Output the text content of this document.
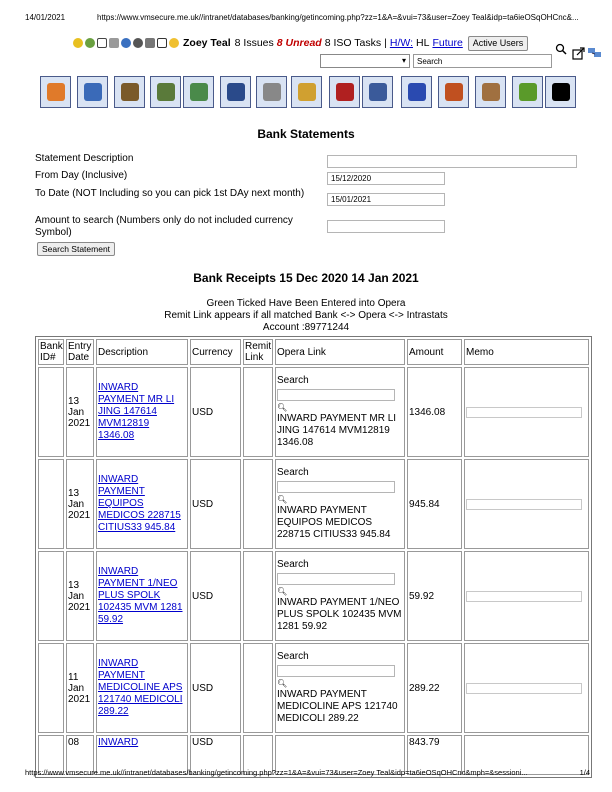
14/01/2021	https://www.vmsecure.me.uk//intranet/databases/banking/getincoming.php?zz=1&A=&vui=73&user=Zoey Teal&idp=ta6ieOSqOHCnc&...
Zoey Teal 8 Issues 8 Unread 8 ISO Tasks | H/W: HL Future	Active Users
▾	Search
Bank Statements
Statement Description
From Day (Inclusive)	15/12/2020
To Date (NOT Including so you can pick 1st DAy next month)
15/01/2021
Amount to search (Numbers only do not included currency Symbol)
Search Statement
Bank Receipts 15 Dec 2020 14 Jan 2021
Green Ticked Have Been Entered into Opera
Remit Link appears if all matched Bank <-> Opera <-> Intrastats
Account :89771244
Bank ID#	Entry Date	Description	Currency	Remit Link	Opera Link	Amount	Memo
	13 Jan 2021	INWARD PAYMENT MR LI JING 147614 MVM12819 1346.08	USD		Search
🔍︎
INWARD PAYMENT MR LI JING 147614 MVM12819 1346.08	1346.08	

	13 Jan 2021	INWARD PAYMENT EQUIPOS MEDICOS 228715 CITIUS33 945.84	USD		Search
🔍︎
INWARD PAYMENT EQUIPOS MEDICOS 228715 CITIUS33 945.84	945.84	

	13 Jan 2021	INWARD PAYMENT 1/NEO PLUS SPOLK 102435 MVM 1281 59.92	USD		Search
🔍︎
INWARD PAYMENT 1/NEO PLUS SPOLK 102435 MVM 1281 59.92	59.92	

	11 Jan 2021	INWARD PAYMENT MEDICOLINE APS 121740 MEDICOLI 289.22	USD		Search
🔍︎
INWARD PAYMENT MEDICOLINE APS 121740 MEDICOLI 289.22	289.22	

	08	INWARD	USD			843.79	
https://www.vmsecure.me.uk//intranet/databases/banking/getincoming.php?zz=1&A=&vui=73&user=Zoey Teal&idp=ta6ieOSqOHCnc&mph=&sessioni...	1/4
